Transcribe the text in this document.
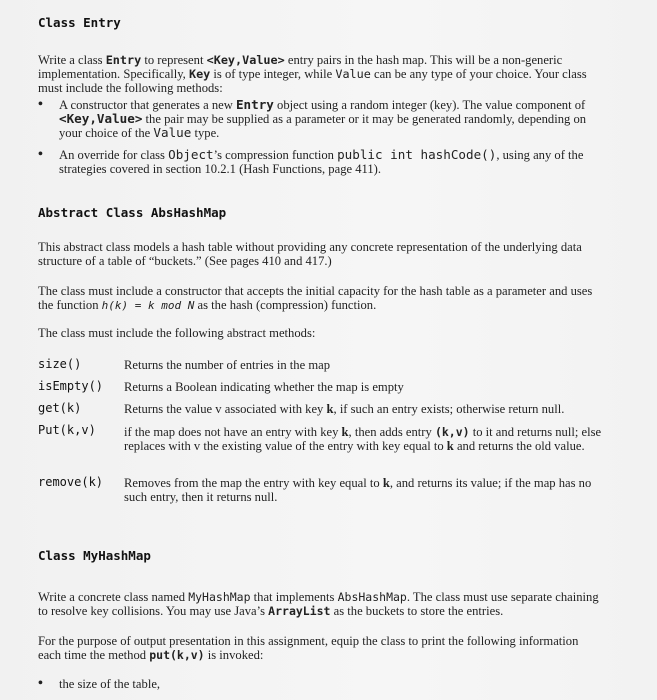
Class Entry
Write a class Entry to represent <Key,Value> entry pairs in the hash map. This will be a non-generic
implementation. Specifically, Key is of type integer, while Value can be any type of your choice. Your class
must include the following methods:
• A constructor that generates a new Entry object using a random integer (key). The value component of
<Key,Value> the pair may be supplied as a parameter or it may be generated randomly, depending on
your choice of the Value type.
• An override for class Object’s compression function public int hashCode(), using any of the
strategies covered in section 10.2.1 (Hash Functions, page 411).
Abstract Class AbsHashMap
This abstract class models a hash table without providing any concrete representation of the underlying data
structure of a table of “buckets.” (See pages 410 and 417.)
The class must include a constructor that accepts the initial capacity for the hash table as a parameter and uses
the function h(k) = k mod N as the hash (compression) function.
The class must include the following abstract methods:
size()	Returns the number of entries in the map
isEmpty() Returns a Boolean indicating whether the map is empty
get(k)	Returns the value v associated with key k, if such an entry exists; otherwise return null.
Put(k,v) if the map does not have an entry with key k, then adds entry (k,v) to it and returns null; else
replaces with v the existing value of the entry with key equal to k and returns the old value.
remove(k) Removes from the map the entry with key equal to k, and returns its value; if the map has no
such entry, then it returns null.
Class MyHashMap
Write a concrete class named MyHashMap that implements AbsHashMap. The class must use separate chaining
to resolve key collisions. You may use Java’s ArrayList as the buckets to store the entries.
For the purpose of output presentation in this assignment, equip the class to print the following information
each time the method put(k,v) is invoked:
• the size of the table,
